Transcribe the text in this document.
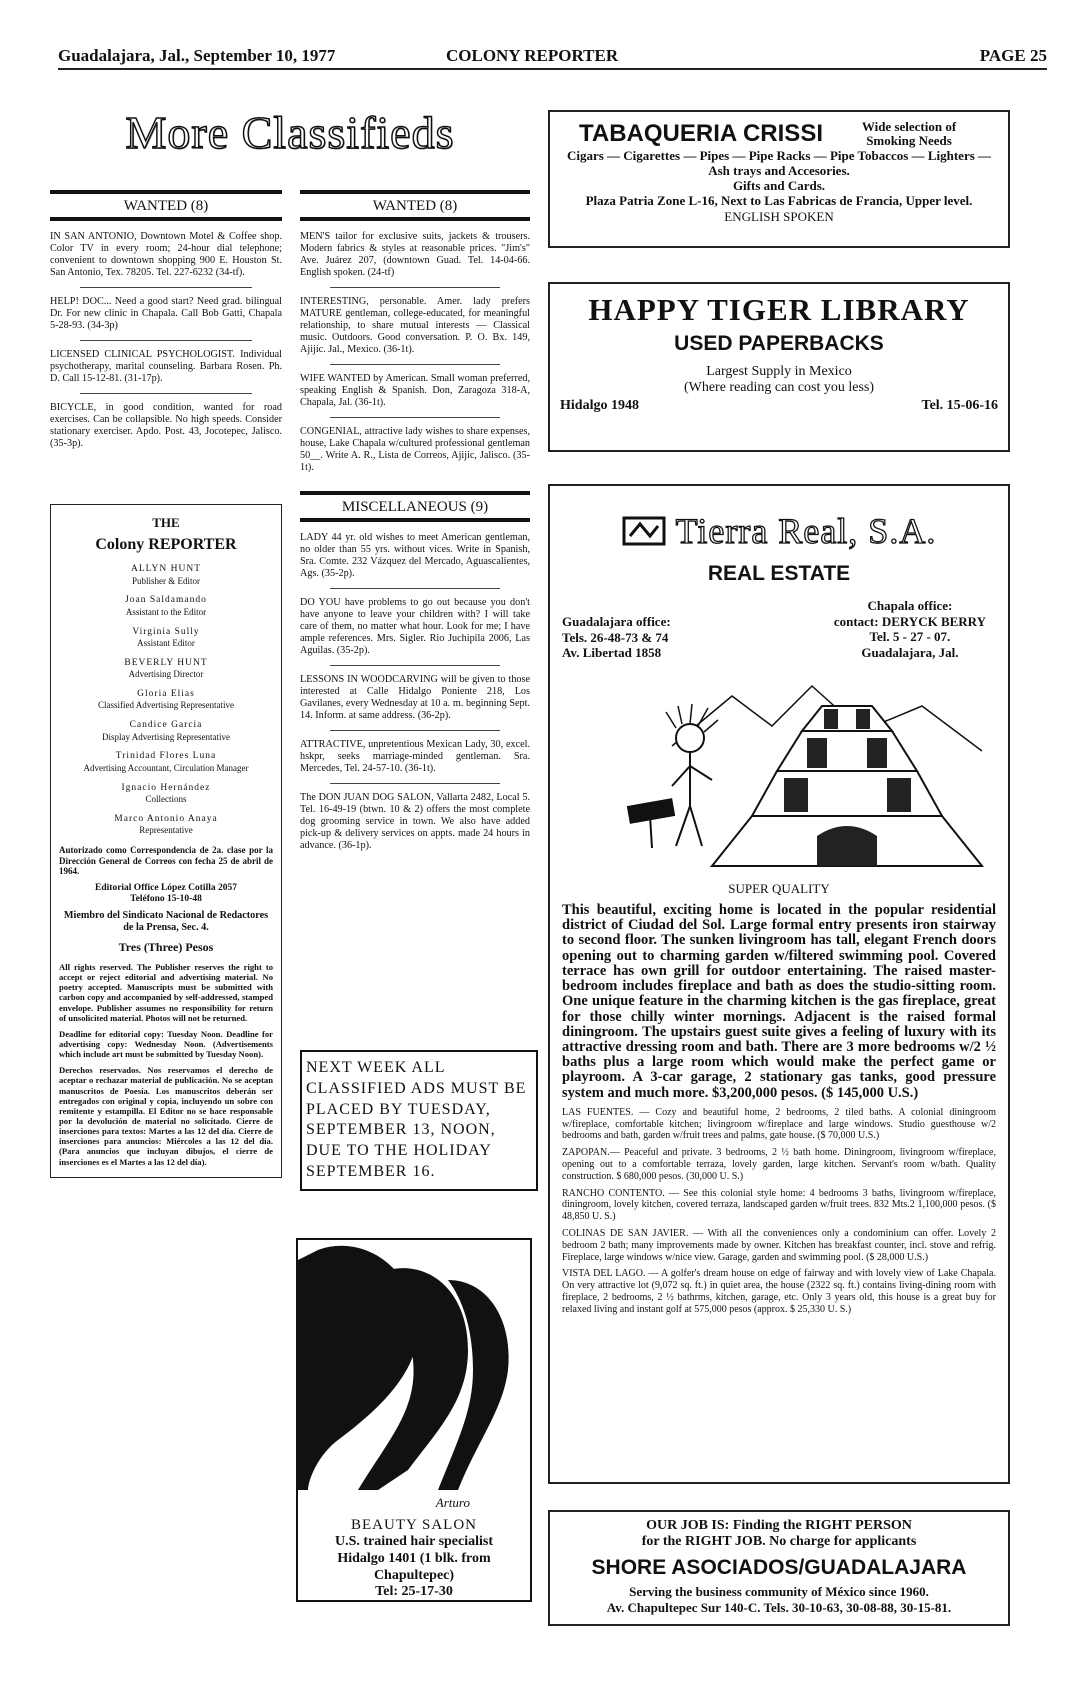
Guadalajara, Jal., September 10, 1977	COLONY REPORTER	PAGE 25
More Classifieds
WANTED (8)

IN SAN ANTONIO, Downtown Motel & Coffee shop. Color TV in every room; 24-hour dial telephone; convenient to downtown shopping 900 E. Houston St. San Antonio, Tex. 78205. Tel. 227-6232 (34-tf).

HELP! DOC... Need a good start? Need grad. bilingual Dr. For new clinic in Chapala. Call Bob Gatti, Chapala 5-28-93. (34-3p)

LICENSED CLINICAL PSYCHOLOGIST. Individual psychotherapy, marital counseling. Barbara Rosen. Ph. D. Call 15-12-81. (31-17p).

BICYCLE, in good condition, wanted for road exercises. Can be collapsible. No high speeds. Consider stationary exerciser. Apdo. Post. 43, Jocotepec, Jalisco. (35-3p).

THE
Colony REPORTER
ALLYN HUNT
Publisher & Editor
Joan Saldamando
Assistant to the Editor
Virginia Sully
Assistant Editor
BEVERLY HUNT
Advertising Director
Gloria Elias
Classified Advertising Representative
Candice Garcia
Display Advertising Representative
Trinidad Flores Luna
Advertising Accountant, Circulation Manager
Ignacio Hernández
Collections
Marco Antonio Anaya
Representative

Autorizado como Correspondencia de 2a. clase por la Dirección General de Correos con fecha 25 de abril de 1964.

Editorial Office López Cotilla 2057
Teléfono 15-10-48

Miembro del Sindicato Nacional de Redactores de la Prensa, Sec. 4.

Tres (Three) Pesos

All rights reserved. The Publisher reserves the right to accept or reject editorial and advertising material. No poetry accepted. Manuscripts must be submitted with carbon copy and accompanied by self-addressed, stamped envelope. Publisher assumes no responsibility for return of unsolicited material. Photos will not be returned.

Deadline for editorial copy: Tuesday Noon. Deadline for advertising copy: Wednesday Noon. (Advertisements which include art must be submitted by Tuesday Noon).

Derechos reservados. Nos reservamos el derecho de aceptar o rechazar material de publicación. No se aceptan manuscritos de Poesía. Los manuscritos deberán ser entregados con original y copia, incluyendo un sobre con remitente y estampilla. El Editor no se hace responsable por la devolución de material no solicitado. Cierre de inserciones para textos: Martes a las 12 del día. Cierre de inserciones para anuncios: Miércoles a las 12 del día. (Para anuncios que incluyan dibujos, el cierre de inserciones es el Martes a las 12 del día).

WANTED (8)

MEN'S tailor for exclusive suits, jackets & trousers. Modern fabrics & styles at reasonable prices. "Jim's" Ave. Juárez 207, (downtown Guad. Tel. 14-04-66. English spoken. (24-tf)

INTERESTING, personable. Amer. lady prefers MATURE gentleman, college-educated, for meaningful relationship, to share mutual interests — Classical music. Outdoors. Good conversation. P. O. Bx. 149, Ajijic. Jal., Mexico. (36-1t).

WIFE WANTED by American. Small woman preferred, speaking English & Spanish. Don, Zaragoza 318-A, Chapala, Jal. (36-1t).

CONGENIAL, attractive lady wishes to share expenses, house, Lake Chapala w/cultured professional gentleman 50__. Write A. R., Lista de Correos, Ajijic, Jalisco. (35-1t).

MISCELLANEOUS (9)

LADY 44 yr. old wishes to meet American gentleman, no older than 55 yrs. without vices. Write in Spanish, Sra. Comte. 232 Vázquez del Mercado, Aguascalientes, Ags. (35-2p).

DO YOU have problems to go out because you don't have anyone to leave your children with? I will take care of them, no matter what hour. Look for me; I have ample references. Mrs. Sigler. Rio Juchipila 2006, Las Aguilas. (35-2p).

LESSONS IN WOODCARVING will be given to those interested at Calle Hidalgo Poniente 218, Los Gavilanes, every Wednesday at 10 a. m. beginning Sept. 14. Inform. at same address. (36-2p).

ATTRACTIVE, unpretentious Mexican Lady, 30, excel. hskpr, seeks marriage-minded gentleman. Sra. Mercedes, Tel. 24-57-10. (36-1t).

The DON JUAN DOG SALON, Vallarta 2482, Local 5. Tel. 16-49-19 (btwn. 10 & 2) offers the most complete dog grooming service in town. We also have added pick-up & delivery services on appts. made 24 hours in advance. (36-1p).

NEXT WEEK ALL CLASSIFIED ADS MUST BE PLACED BY TUESDAY, SEPTEMBER 13, NOON, DUE TO THE HOLIDAY SEPTEMBER 16.
Arturo
BEAUTY SALON
U.S. trained hair specialist
Hidalgo 1401 (1 blk. from Chapultepec)
Tel: 25-17-30
TABAQUERIA CRISSI	Wide selection of Smoking Needs
Cigars — Cigarettes — Pipes — Pipe Racks — Pipe Tobaccos — Lighters — Ash trays and Accesories.
Gifts and Cards.
Plaza Patria Zone L-16, Next to Las Fabricas de Francia, Upper level.
ENGLISH SPOKEN
HAPPY TIGER LIBRARY
USED PAPERBACKS
Largest Supply in Mexico
(Where reading can cost you less)
Hidalgo 1948	Tel. 15-06-16
Tierra Real, S.A.
REAL ESTATE
Guadalajara office:
Tels. 26-48-73 & 74
Av. Libertad 1858
Chapala office:
contact: DERYCK BERRY
Tel. 5 - 27 - 07.
Guadalajara, Jal.
SUPER QUALITY

This beautiful, exciting home is located in the popular residential district of Ciudad del Sol. Large formal entry presents iron stairway to second floor. The sunken livingroom has tall, elegant French doors opening out to charming garden w/filtered swimming pool. Covered terrace has own grill for outdoor entertaining. The raised master-bedroom includes fireplace and bath as does the studio-sitting room. One unique feature in the charming kitchen is the gas fireplace, great for those chilly winter mornings. Adjacent is the raised formal diningroom. The upstairs guest suite gives a feeling of luxury with its attractive dressing room and bath. There are 3 more bedrooms w/2 ½ baths plus a large room which would make the perfect game or playroom. A 3-car garage, 2 stationary gas tanks, good pressure system and much more. $3,200,000 pesos. ($ 145,000 U.S.)

LAS FUENTES. — Cozy and beautiful home, 2 bedrooms, 2 tiled baths. A colonial diningroom w/fireplace, comfortable kitchen; livingroom w/fireplace and large windows. Studio guesthouse w/2 bedrooms and bath, garden w/fruit trees and palms, gate house. ($ 70,000 U.S.)

ZAPOPAN.— Peaceful and private. 3 bedrooms, 2 ½ bath home. Diningroom, livingroom w/fireplace, opening out to a comfortable terraza, lovely garden, large kitchen. Servant's room w/bath. Quality construction. $ 680,000 pesos. (30,000 U. S.)

RANCHO CONTENTO. — See this colonial style home: 4 bedrooms 3 baths, livingroom w/fireplace, diningroom, lovely kitchen, covered terraza, landscaped garden w/fruit trees. 832 Mts.2 1,100,000 pesos. ($ 48,850 U. S.)

COLINAS DE SAN JAVIER. — With all the conveniences only a condominium can offer. Lovely 2 bedroom 2 bath; many improvements made by owner. Kitchen has breakfast counter, incl. stove and refrig. Fireplace, large windows w/nice view. Garage, garden and swimming pool. ($ 28,000 U.S.)

VISTA DEL LAGO. — A golfer's dream house on edge of fairway and with lovely view of Lake Chapala. On very attractive lot (9,072 sq. ft.) in quiet area, the house (2322 sq. ft.) contains living-dining room with fireplace, 2 bedrooms, 2 ½ bathrms, kitchen, garage, etc. Only 3 years old, this house is a great buy for relaxed living and instant golf at 575,000 pesos (approx. $ 25,330 U. S.)

OUR JOB IS: Finding the RIGHT PERSON
for the RIGHT JOB. No charge for applicants
SHORE ASOCIADOS/GUADALAJARA
Serving the business community of México since 1960.
Av. Chapultepec Sur 140-C. Tels. 30-10-63, 30-08-88, 30-15-81.
